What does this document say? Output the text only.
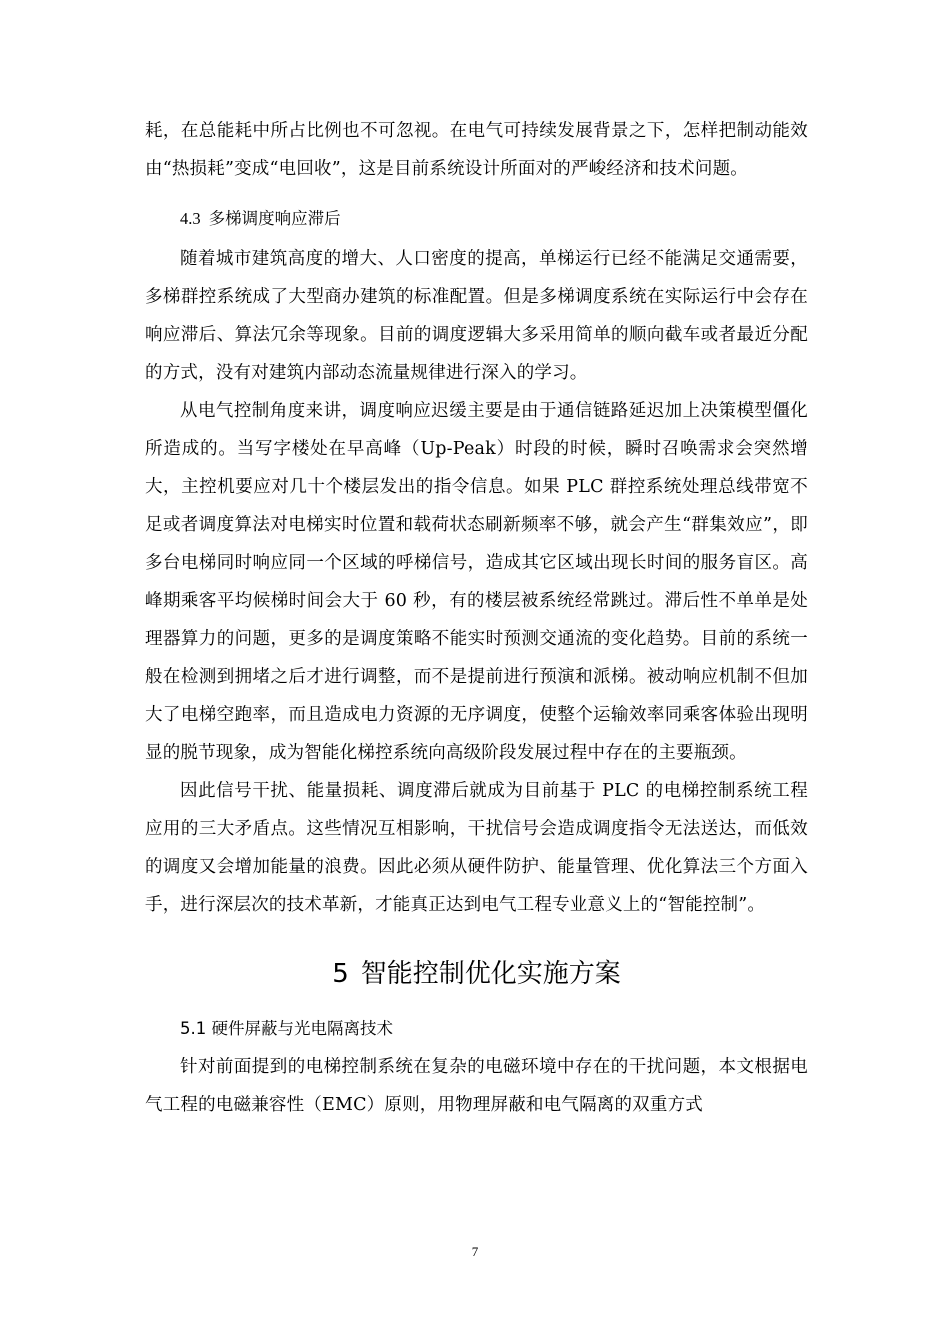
耗，在总能耗中所占比例也不可忽视。在电气可持续发展背景之下，怎样把制动能效由“热损耗”变成“电回收”，这是目前系统设计所面对的严峻经济和技术问题。

4.3 多梯调度响应滞后

随着城市建筑高度的增大、人口密度的提高，单梯运行已经不能满足交通需要，多梯群控系统成了大型商办建筑的标准配置。但是多梯调度系统在实际运行中会存在响应滞后、算法冗余等现象。目前的调度逻辑大多采用简单的顺向截车或者最近分配的方式，没有对建筑内部动态流量规律进行深入的学习。

从电气控制角度来讲，调度响应迟缓主要是由于通信链路延迟加上决策模型僵化所造成的。当写字楼处在早高峰（Up-Peak）时段的时候，瞬时召唤需求会突然增大，主控机要应对几十个楼层发出的指令信息。如果 PLC 群控系统处理总线带宽不足或者调度算法对电梯实时位置和载荷状态刷新频率不够，就会产生“群集效应”，即多台电梯同时响应同一个区域的呼梯信号，造成其它区域出现长时间的服务盲区。高峰期乘客平均候梯时间会大于 60 秒，有的楼层被系统经常跳过。滞后性不单单是处理器算力的问题，更多的是调度策略不能实时预测交通流的变化趋势。目前的系统一般在检测到拥堵之后才进行调整，而不是提前进行预演和派梯。被动响应机制不但加大了电梯空跑率，而且造成电力资源的无序调度，使整个运输效率同乘客体验出现明显的脱节现象，成为智能化梯控系统向高级阶段发展过程中存在的主要瓶颈。

因此信号干扰、能量损耗、调度滞后就成为目前基于 PLC 的电梯控制系统工程应用的三大矛盾点。这些情况互相影响，干扰信号会造成调度指令无法送达，而低效的调度又会增加能量的浪费。因此必须从硬件防护、能量管理、优化算法三个方面入手，进行深层次的技术革新，才能真正达到电气工程专业意义上的“智能控制”。

5 智能控制优化实施方案
5.1 硬件屏蔽与光电隔离技术

针对前面提到的电梯控制系统在复杂的电磁环境中存在的干扰问题，本文根据电气工程的电磁兼容性（EMC）原则，用物理屏蔽和电气隔离的双重方式

7
